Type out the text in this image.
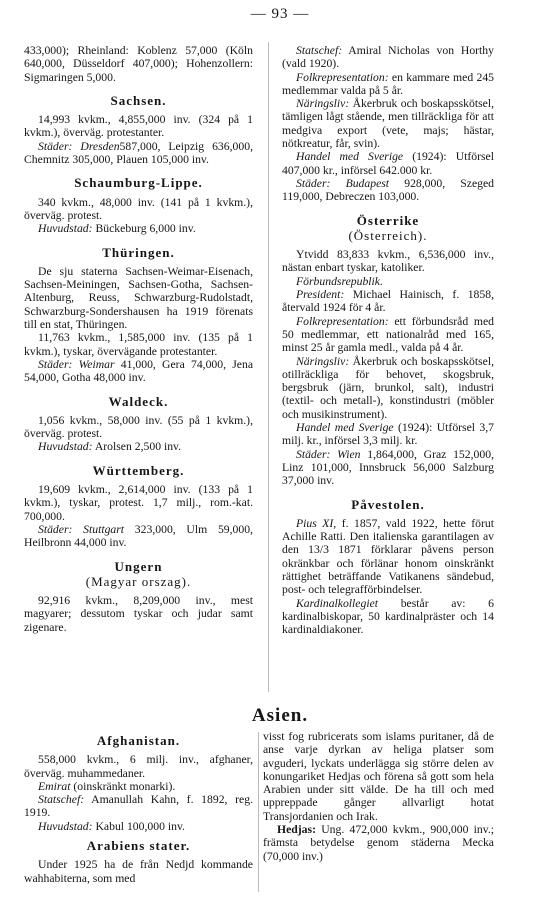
— 93 —

433,000); Rheinland: Koblenz 57,000 (Köln 640,000, Düsseldorf 407,000); Hohenzollern: Sigmaringen 5,000.

Sachsen.

14,993 kvkm., 4,855,000 inv. (324 på 1 kvkm.), överväg. protestanter.

Städer: Dresden587,000, Leipzig 636,000, Chemnitz 305,000, Plauen 105,000 inv.

Schaumburg-Lippe.

340 kvkm., 48,000 inv. (141 på 1 kvkm.), överväg. protest.

Huvudstad: Bückeburg 6,000 inv.

Thüringen.

De sju staterna Sachsen-Weimar-Eisenach, Sachsen-Meiningen, Sachsen-Gotha, Sachsen-Altenburg, Reuss, Schwarzburg-Rudolstadt, Schwarzburg-Sondershausen ha 1919 förenats till en stat, Thüringen.

11,763 kvkm., 1,585,000 inv. (135 på 1 kvkm.), tyskar, övervägande protestanter.

Städer: Weimar 41,000, Gera 74,000, Jena 54,000, Gotha 48,000 inv.

Waldeck.

1,056 kvkm., 58,000 inv. (55 på 1 kvkm.), överväg. protest.

Huvudstad: Arolsen 2,500 inv.

Württemberg.

19,609 kvkm., 2,614,000 inv. (133 på 1 kvkm.), tyskar, protest. 1,7 milj., rom.-kat. 700,000.

Städer: Stuttgart 323,000, Ulm 59,000, Heilbronn 44,000 inv.

Ungern
(Magyar orszag).

92,916 kvkm., 8,209,000 inv., mest magyarer; dessutom tyskar och judar samt zigenare.

Statschef: Amiral Nicholas von Horthy (vald 1920).

Folkrepresentation: en kammare med 245 medlemmar valda på 5 år.

Näringsliv: Åkerbruk och boskapsskötsel, tämligen lågt stående, men tillräckliga för att medgiva export (vete, majs; hästar, nötkreatur, får, svin).

Handel med Sverige (1924): Utförsel 407,000 kr., införsel 642.000 kr.

Städer: Budapest 928,000, Szeged 119,000, Debreczen 103,000.

Österrike
(Österreich).

Ytvidd 83,833 kvkm., 6,536,000 inv., nästan enbart tyskar, katoliker.

Förbundsrepublik.

President: Michael Hainisch, f. 1858, återvald 1924 för 4 år.

Folkrepresentation: ett förbundsråd med 50 medlemmar, ett nationalråd med 165, minst 25 år gamla medl., valda på 4 år.

Näringsliv: Åkerbruk och boskapsskötsel, otillräckliga för behovet, skogsbruk, bergsbruk (järn, brunkol, salt), industri (textil- och metall-), konstindustri (möbler och musikinstrument).

Handel med Sverige (1924): Utförsel 3,7 milj. kr., införsel 3,3 milj. kr.

Städer: Wien 1,864,000, Graz 152,000, Linz 101,000, Innsbruck 56,000 Salzburg 37,000 inv.

Påvestolen.

Pius XI, f. 1857, vald 1922, hette förut Achille Ratti. Den italienska garantilagen av den 13/3 1871 förklarar påvens person okränkbar och förlänar honom oinskränkt rättighet beträffande Vatikanens sändebud, post- och telegrafförbindelser.

Kardinalkollegiet består av: 6 kardinalbiskopar, 50 kardinalpräster och 14 kardinaldiakoner.

Asien.
Afghanistan.

558,000 kvkm., 6 milj. inv., afghaner, överväg. muhammedaner.

Emirat (oinskränkt monarki).

Statschef: Amanullah Kahn, f. 1892, reg. 1919.

Huvudstad: Kabul 100,000 inv.

Arabiens stater.

Under 1925 ha de från Nedjd kommande wahhabiterna, som med

visst fog rubricerats som islams puritaner, då de anse varje dyrkan av heliga platser som avguderi, lyckats underlägga sig större delen av konungariket Hedjas och förena så gott som hela Arabien under sitt välde. De ha till och med uppreppade gånger allvarligt hotat Transjordanien och Irak.

Hedjas: Ung. 472,000 kvkm., 900,000 inv.; främsta betydelse genom städerna Mecka (70,000 inv.)
